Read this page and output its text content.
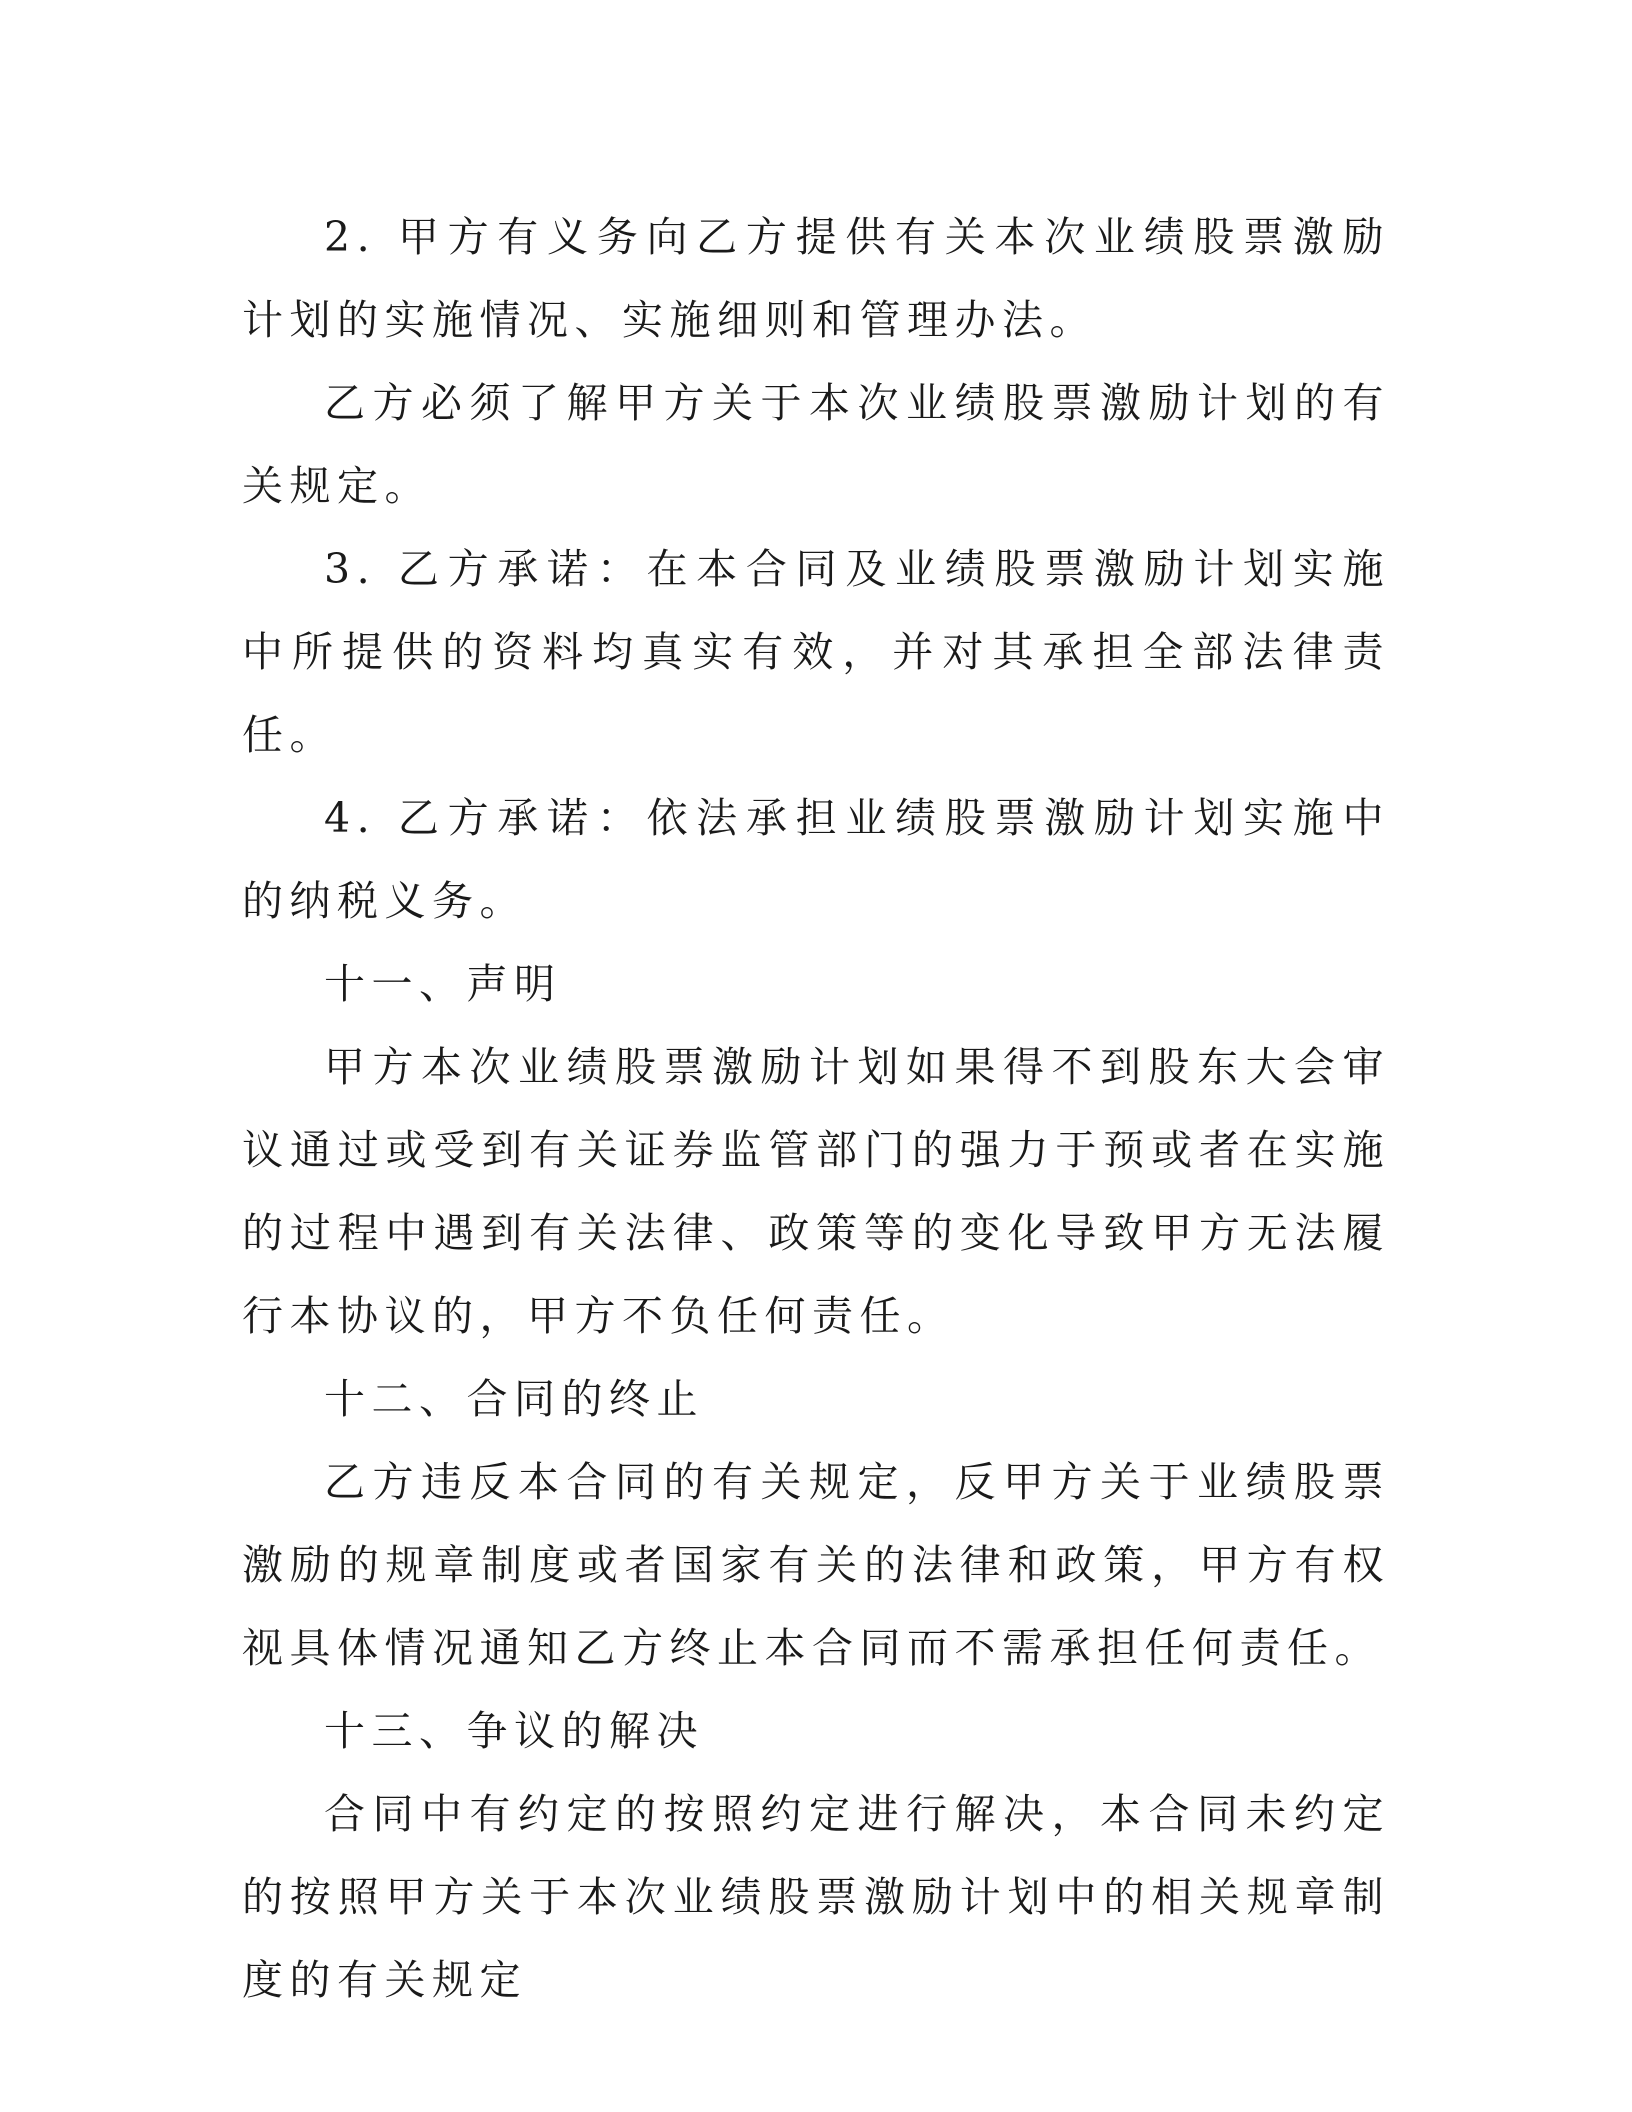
2. 甲方有义务向乙方提供有关本次业绩股票激励计划的实施情况、实施细则和管理办法。

乙方必须了解甲方关于本次业绩股票激励计划的有关规定。

3. 乙方承诺：在本合同及业绩股票激励计划实施中所提供的资料均真实有效，并对其承担全部法律责任。

4. 乙方承诺：依法承担业绩股票激励计划实施中的纳税义务。

十一、声明

甲方本次业绩股票激励计划如果得不到股东大会审议通过或受到有关证券监管部门的强力于预或者在实施的过程中遇到有关法律、政策等的变化导致甲方无法履行本协议的，甲方不负任何责任。

十二、合同的终止

乙方违反本合同的有关规定，反甲方关于业绩股票激励的规章制度或者国家有关的法律和政策，甲方有权视具体情况通知乙方终止本合同而不需承担任何责任。

十三、争议的解决

合同中有约定的按照约定进行解决，本合同未约定的按照甲方关于本次业绩股票激励计划中的相关规章制度的有关规定
